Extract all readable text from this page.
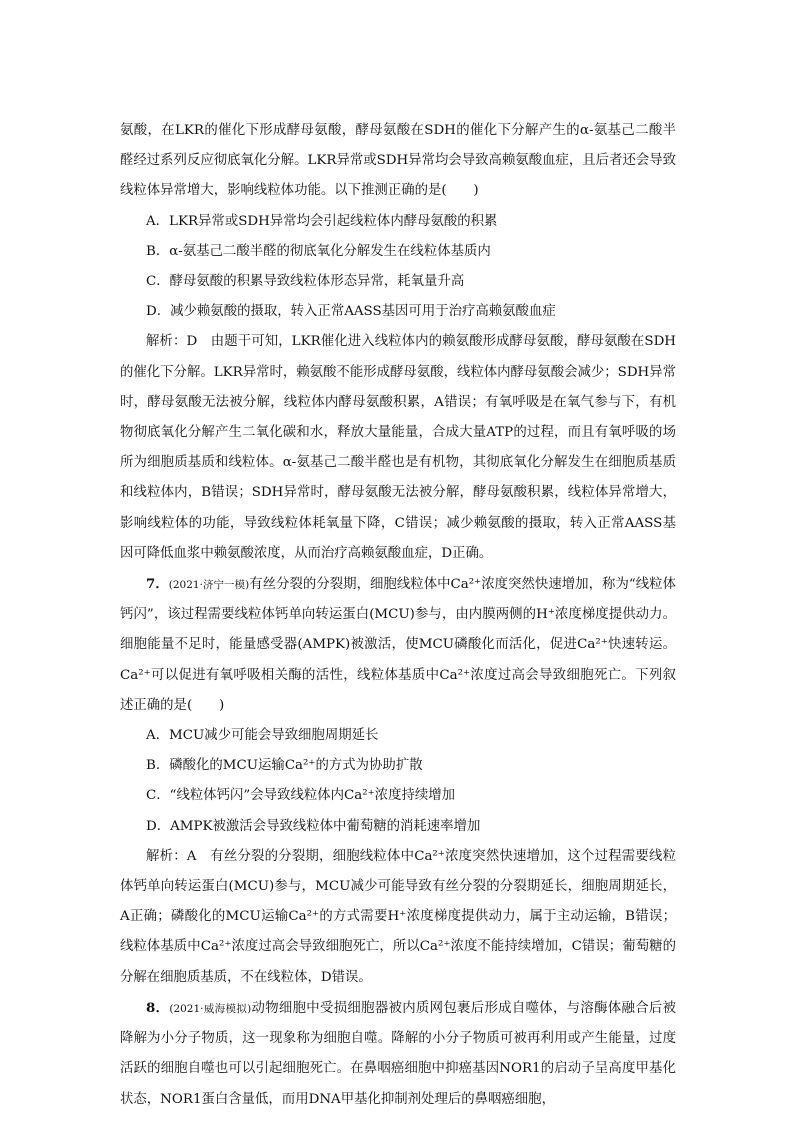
氨酸，在LKR的催化下形成酵母氨酸，酵母氨酸在SDH的催化下分解产生的α-氨基己二酸半醛经过系列反应彻底氧化分解。LKR异常或SDH异常均会导致高赖氨酸血症，且后者还会导致线粒体异常增大，影响线粒体功能。以下推测正确的是(　　)

A．LKR异常或SDH异常均会引起线粒体内酵母氨酸的积累

B．α-氨基己二酸半醛的彻底氧化分解发生在线粒体基质内

C．酵母氨酸的积累导致线粒体形态异常，耗氧量升高

D．减少赖氨酸的摄取，转入正常AASS基因可用于治疗高赖氨酸血症

解析：D　由题干可知，LKR催化进入线粒体内的赖氨酸形成酵母氨酸，酵母氨酸在SDH的催化下分解。LKR异常时，赖氨酸不能形成酵母氨酸，线粒体内酵母氨酸会减少；SDH异常时，酵母氨酸无法被分解，线粒体内酵母氨酸积累，A错误；有氧呼吸是在氧气参与下，有机物彻底氧化分解产生二氧化碳和水，释放大量能量，合成大量ATP的过程，而且有氧呼吸的场所为细胞质基质和线粒体。α-氨基己二酸半醛也是有机物，其彻底氧化分解发生在细胞质基质和线粒体内，B错误；SDH异常时，酵母氨酸无法被分解，酵母氨酸积累，线粒体异常增大，影响线粒体的功能，导致线粒体耗氧量下降，C错误；减少赖氨酸的摄取，转入正常AASS基因可降低血浆中赖氨酸浓度，从而治疗高赖氨酸血症，D正确。

7．(2021·济宁一模)有丝分裂的分裂期，细胞线粒体中Ca²⁺浓度突然快速增加，称为“线粒体钙闪”，该过程需要线粒体钙单向转运蛋白(MCU)参与，由内膜两侧的H⁺浓度梯度提供动力。细胞能量不足时，能量感受器(AMPK)被激活，使MCU磷酸化而活化，促进Ca²⁺快速转运。Ca²⁺可以促进有氧呼吸相关酶的活性，线粒体基质中Ca²⁺浓度过高会导致细胞死亡。下列叙述正确的是(　　)

A．MCU减少可能会导致细胞周期延长

B．磷酸化的MCU运输Ca²⁺的方式为协助扩散

C．“线粒体钙闪”会导致线粒体内Ca²⁺浓度持续增加

D．AMPK被激活会导致线粒体中葡萄糖的消耗速率增加

解析：A　有丝分裂的分裂期，细胞线粒体中Ca²⁺浓度突然快速增加，这个过程需要线粒体钙单向转运蛋白(MCU)参与，MCU减少可能导致有丝分裂的分裂期延长，细胞周期延长，A正确；磷酸化的MCU运输Ca²⁺的方式需要H⁺浓度梯度提供动力，属于主动运输，B错误；线粒体基质中Ca²⁺浓度过高会导致细胞死亡，所以Ca²⁺浓度不能持续增加，C错误；葡萄糖的分解在细胞质基质，不在线粒体，D错误。

8．(2021·威海模拟)动物细胞中受损细胞器被内质网包裹后形成自噬体，与溶酶体融合后被降解为小分子物质，这一现象称为细胞自噬。降解的小分子物质可被再利用或产生能量，过度活跃的细胞自噬也可以引起细胞死亡。在鼻咽癌细胞中抑癌基因NOR1的启动子呈高度甲基化状态，NOR1蛋白含量低，而用DNA甲基化抑制剂处理后的鼻咽癌细胞，
